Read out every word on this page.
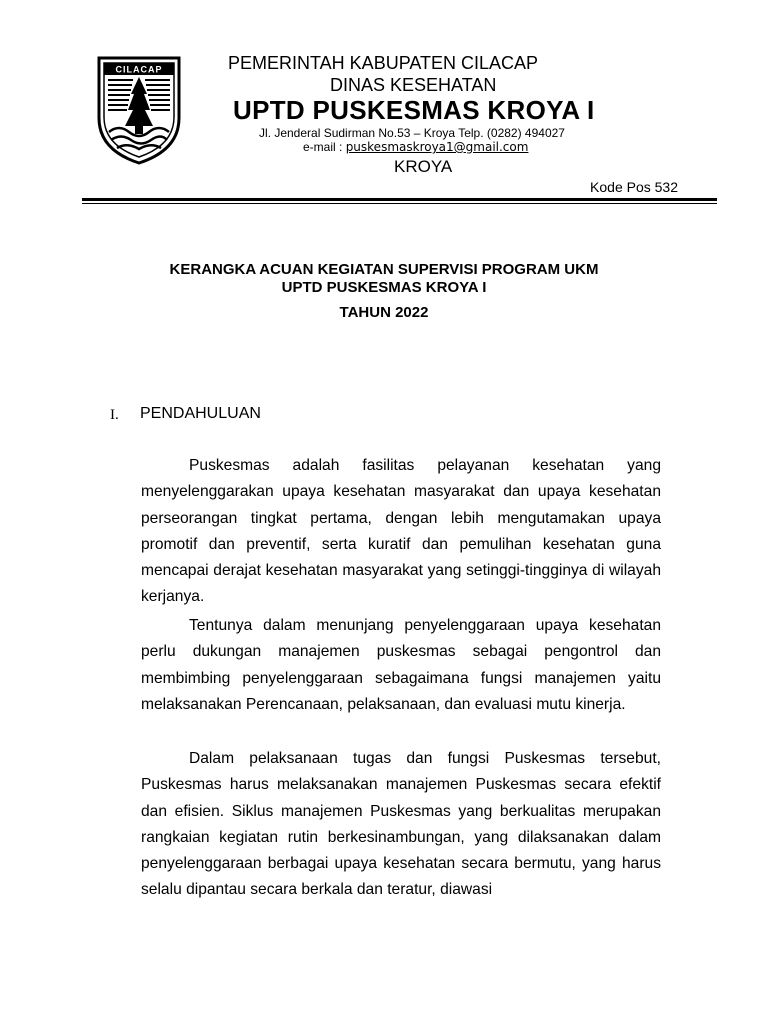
CILACAP	PEMERINTAH KABUPATEN CILACAP
DINAS KESEHATAN
UPTD PUSKESMAS KROYA I
Jl. Jenderal Sudirman No.53 – Kroya Telp. (0282) 494027
e-mail : puskesmaskroya1@gmail.com
KROYA
Kode Pos 532
KERANGKA ACUAN KEGIATAN SUPERVISI PROGRAM UKM
UPTD PUSKESMAS KROYA I
TAHUN 2022
I. PENDAHULUAN

Puskesmas adalah fasilitas pelayanan kesehatan yang menyelenggarakan upaya kesehatan masyarakat dan upaya kesehatan perseorangan tingkat pertama, dengan lebih mengutamakan upaya promotif dan preventif, serta kuratif dan pemulihan kesehatan guna mencapai derajat kesehatan masyarakat yang setinggi-tingginya di wilayah kerjanya.

Tentunya dalam menunjang penyelenggaraan upaya kesehatan perlu dukungan manajemen puskesmas sebagai pengontrol dan membimbing penyelenggaraan sebagaimana fungsi manajemen yaitu melaksanakan Perencanaan, pelaksanaan, dan evaluasi mutu kinerja.

Dalam pelaksanaan tugas dan fungsi Puskesmas tersebut, Puskesmas harus melaksanakan manajemen Puskesmas secara efektif dan efisien. Siklus manajemen Puskesmas yang berkualitas merupakan rangkaian kegiatan rutin berkesinambungan, yang dilaksanakan dalam penyelenggaraan berbagai upaya kesehatan secara bermutu, yang harus selalu dipantau secara berkala dan teratur, diawasi
